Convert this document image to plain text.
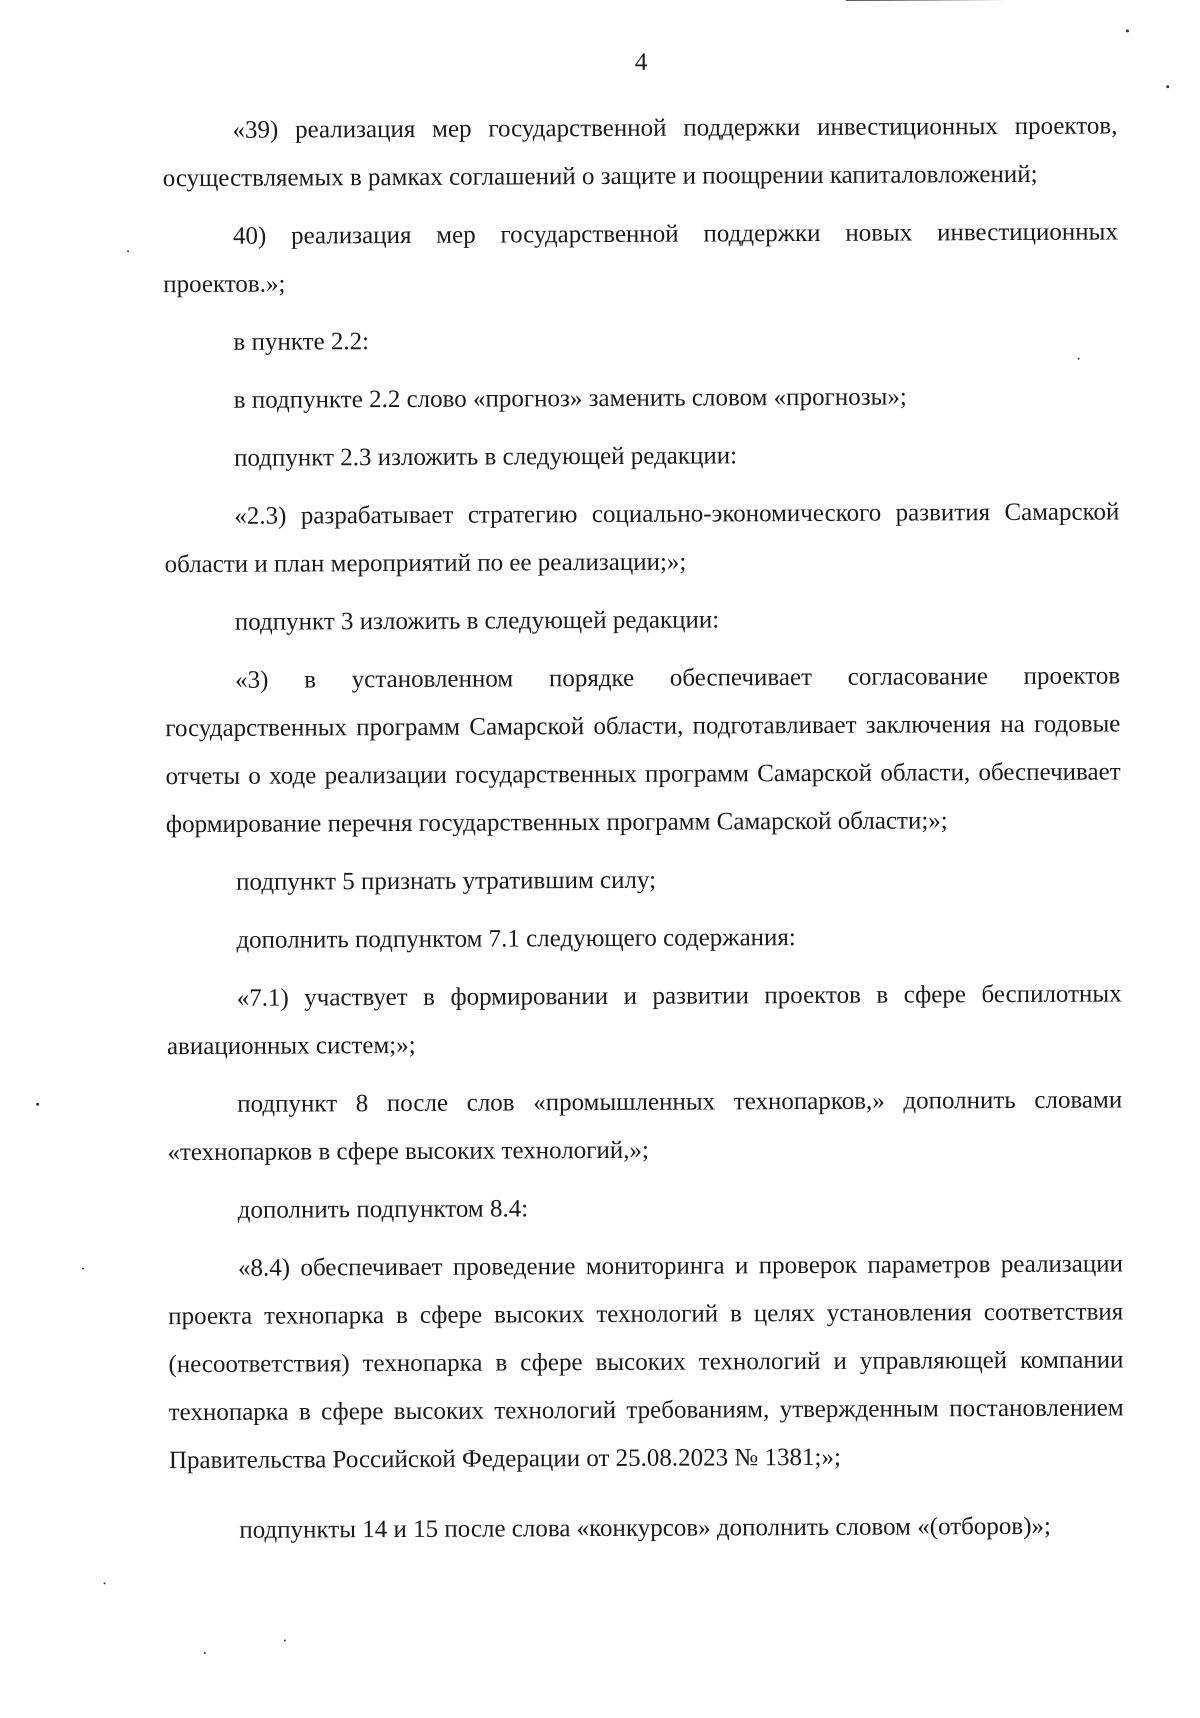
4

«39) реализация мер государственной поддержки инвестиционных проектов, осуществляемых в рамках соглашений о защите и поощрении капиталовложений;

40) реализация мер государственной поддержки новых инвестиционных проектов.»;

в пункте 2.2:

в подпункте 2.2 слово «прогноз» заменить словом «прогнозы»;

подпункт 2.3 изложить в следующей редакции:

«2.3) разрабатывает стратегию социально-экономического развития Самарской области и план мероприятий по ее реализации;»;

подпункт 3 изложить в следующей редакции:

«3) в установленном порядке обеспечивает согласование проектов государственных программ Самарской области, подготавливает заключения на годовые отчеты о ходе реализации государственных программ Самарской области, обеспечивает формирование перечня государственных программ Самарской области;»;

подпункт 5 признать утратившим силу;

дополнить подпунктом 7.1 следующего содержания:

«7.1) участвует в формировании и развитии проектов в сфере беспилотных авиационных систем;»;

подпункт 8 после слов «промышленных технопарков,» дополнить словами «технопарков в сфере высоких технологий,»;

дополнить подпунктом 8.4:

«8.4) обеспечивает проведение мониторинга и проверок параметров реализации проекта технопарка в сфере высоких технологий в целях установления соответствия (несоответствия) технопарка в сфере высоких технологий и управляющей компании технопарка в сфере высоких технологий требованиям, утвержденным постановлением Правительства Российской Федерации от 25.08.2023 № 1381;»;

подпункты 14 и 15 после слова «конкурсов» дополнить словом «(отборов)»;
